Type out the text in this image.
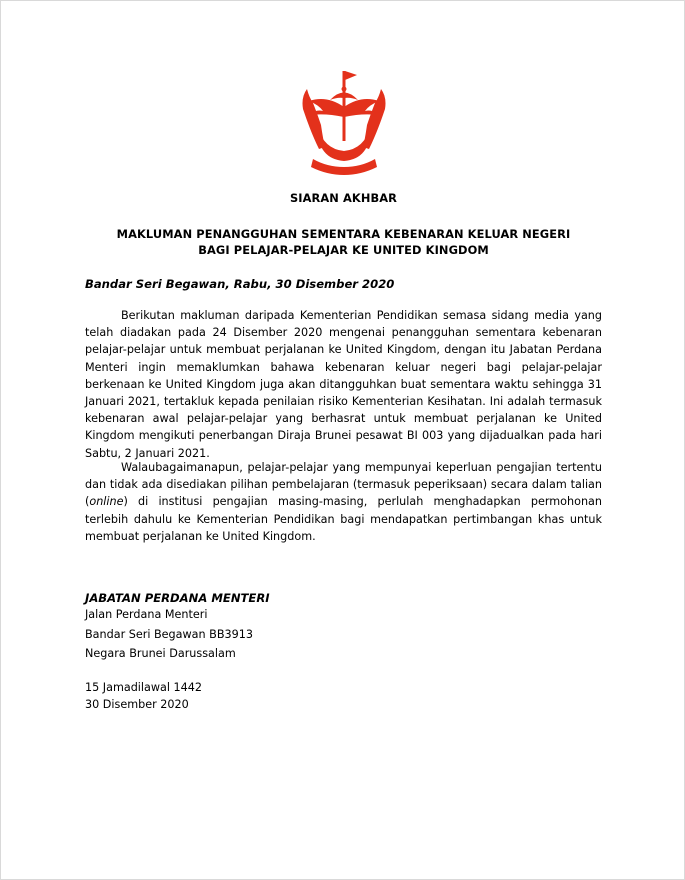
SIARAN AKHBAR
MAKLUMAN PENANGGUHAN SEMENTARA KEBENARAN KELUAR NEGERI
BAGI PELAJAR-PELAJAR KE UNITED KINGDOM
Bandar Seri Begawan, Rabu, 30 Disember 2020
Berikutan makluman daripada Kementerian Pendidikan semasa sidang media yang telah diadakan pada 24 Disember 2020 mengenai penangguhan sementara kebenaran pelajar-pelajar untuk membuat perjalanan ke United Kingdom, dengan itu Jabatan Perdana Menteri ingin memaklumkan bahawa kebenaran keluar negeri bagi pelajar-pelajar berkenaan ke United Kingdom juga akan ditangguhkan buat sementara waktu sehingga 31 Januari 2021, tertakluk kepada penilaian risiko Kementerian Kesihatan. Ini adalah termasuk kebenaran awal pelajar-pelajar yang berhasrat untuk membuat perjalanan ke United Kingdom mengikuti penerbangan Diraja Brunei pesawat BI 003 yang dijadualkan pada hari Sabtu, 2 Januari 2021.
Walaubagaimanapun, pelajar-pelajar yang mempunyai keperluan pengajian tertentu dan tidak ada disediakan pilihan pembelajaran (termasuk peperiksaan) secara dalam talian (online) di institusi pengajian masing-masing, perlulah menghadapkan permohonan terlebih dahulu ke Kementerian Pendidikan bagi mendapatkan pertimbangan khas untuk membuat perjalanan ke United Kingdom.
JABATAN PERDANA MENTERI
Jalan Perdana Menteri
Bandar Seri Begawan BB3913
Negara Brunei Darussalam
15 Jamadilawal 1442
30 Disember 2020
